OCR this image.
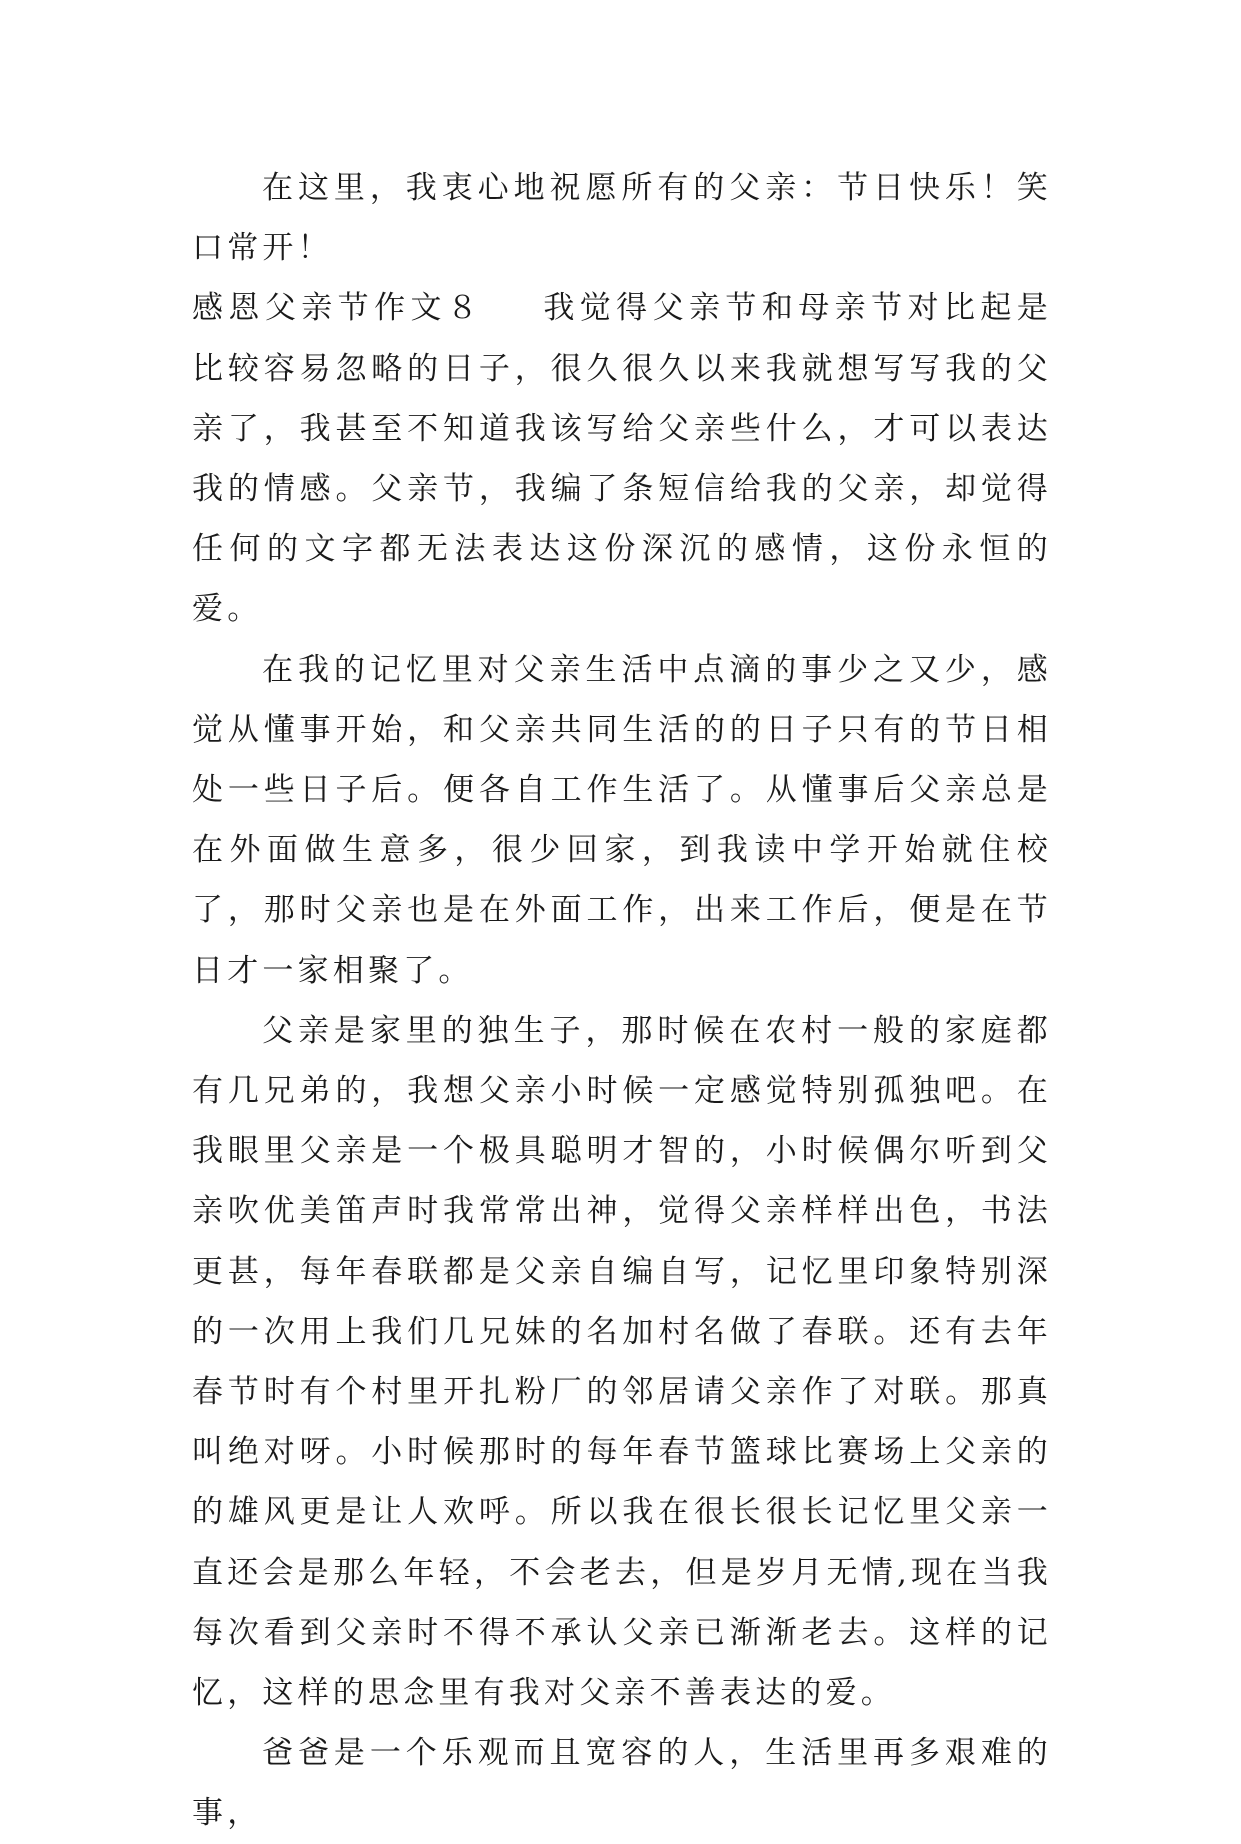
在这里，我衷心地祝愿所有的父亲：节日快乐！笑口常开！

感恩父亲节作文８ 我觉得父亲节和母亲节对比起是比较容易忽略的日子，很久很久以来我就想写写我的父亲了，我甚至不知道我该写给父亲些什么，才可以表达我的情感。父亲节，我编了条短信给我的父亲，却觉得任何的文字都无法表达这份深沉的感情，这份永恒的爱。

在我的记忆里对父亲生活中点滴的事少之又少，感觉从懂事开始，和父亲共同生活的的日子只有的节日相处一些日子后。便各自工作生活了。从懂事后父亲总是在外面做生意多，很少回家，到我读中学开始就住校了，那时父亲也是在外面工作，出来工作后，便是在节日才一家相聚了。

父亲是家里的独生子，那时候在农村一般的家庭都有几兄弟的，我想父亲小时候一定感觉特别孤独吧。在我眼里父亲是一个极具聪明才智的，小时候偶尔听到父亲吹优美笛声时我常常出神，觉得父亲样样出色，书法更甚，每年春联都是父亲自编自写，记忆里印象特别深的一次用上我们几兄妹的名加村名做了春联。还有去年春节时有个村里开扎粉厂的邻居请父亲作了对联。那真叫绝对呀。小时候那时的每年春节篮球比赛场上父亲的的雄风更是让人欢呼。所以我在很长很长记忆里父亲一直还会是那么年轻，不会老去，但是岁月无情,现在当我每次看到父亲时不得不承认父亲已渐渐老去。这样的记忆，这样的思念里有我对父亲不善表达的爱。

爸爸是一个乐观而且宽容的人，生活里再多艰难的事，
